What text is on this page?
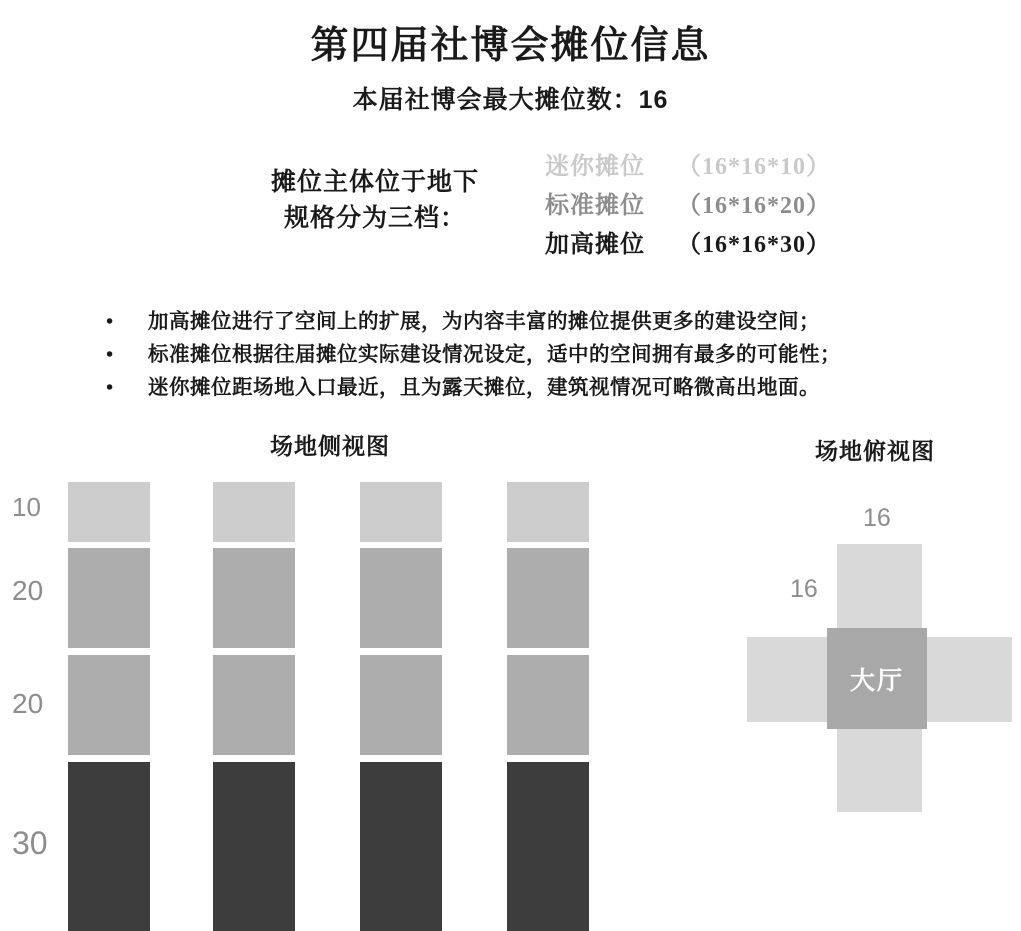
第四届社博会摊位信息
本届社博会最大摊位数：16
摊位主体位于地下
规格分为三档：
迷你摊位	（16*16*10）
标准摊位	（16*16*20）
加高摊位	（16*16*30）
•	加高摊位进行了空间上的扩展，为内容丰富的摊位提供更多的建设空间；
•	标准摊位根据往届摊位实际建设情况设定，适中的空间拥有最多的可能性；
•	迷你摊位距场地入口最近，且为露天摊位，建筑视情况可略微高出地面。
场地侧视图	场地俯视图
10
20
20
30
大厅
16
16
